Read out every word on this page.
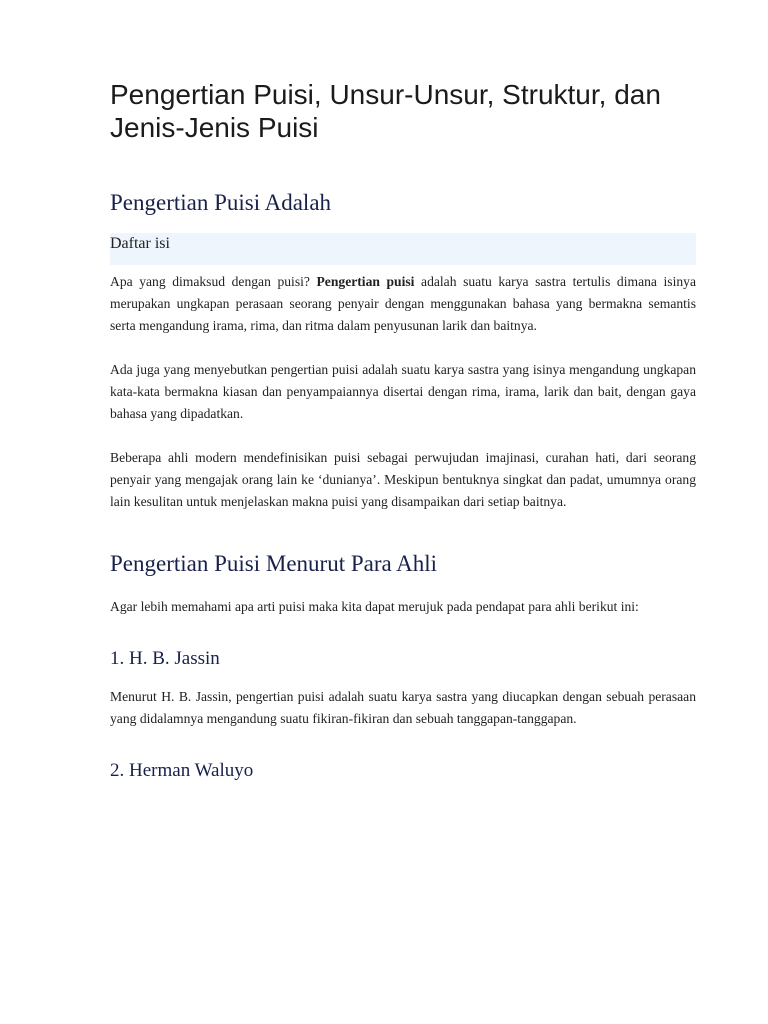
Pengertian Puisi, Unsur-Unsur, Struktur, dan Jenis-Jenis Puisi
Pengertian Puisi Adalah
Daftar isi

Apa yang dimaksud dengan puisi? Pengertian puisi adalah suatu karya sastra tertulis dimana isinya merupakan ungkapan perasaan seorang penyair dengan menggunakan bahasa yang bermakna semantis serta mengandung irama, rima, dan ritma dalam penyusunan larik dan baitnya.

Ada juga yang menyebutkan pengertian puisi adalah suatu karya sastra yang isinya mengandung ungkapan kata-kata bermakna kiasan dan penyampaiannya disertai dengan rima, irama, larik dan bait, dengan gaya bahasa yang dipadatkan.

Beberapa ahli modern mendefinisikan puisi sebagai perwujudan imajinasi, curahan hati, dari seorang penyair yang mengajak orang lain ke ‘dunianya’. Meskipun bentuknya singkat dan padat, umumnya orang lain kesulitan untuk menjelaskan makna puisi yang disampaikan dari setiap baitnya.

Pengertian Puisi Menurut Para Ahli

Agar lebih memahami apa arti puisi maka kita dapat merujuk pada pendapat para ahli berikut ini:

1. H. B. Jassin

Menurut H. B. Jassin, pengertian puisi adalah suatu karya sastra yang diucapkan dengan sebuah perasaan yang didalamnya mengandung suatu fikiran-fikiran dan sebuah tanggapan-tanggapan.

2. Herman Waluyo
